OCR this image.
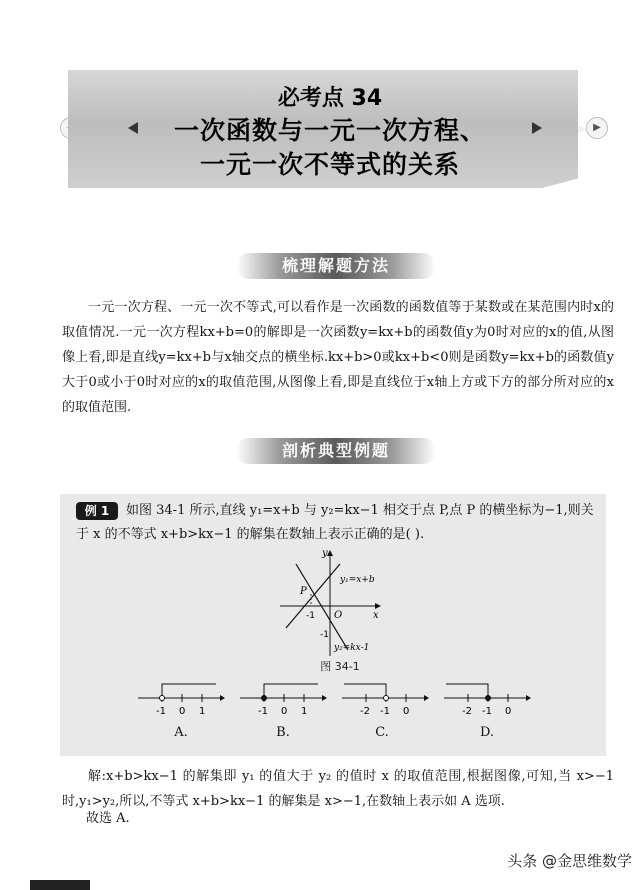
▶
必考点 34
一次函数与一元一次方程、
一元一次不等式的关系
梳理解题方法
一元一次方程、一元一次不等式,可以看作是一次函数的函数值等于某数或在某范围内时x的取值情况.一元一次方程kx+b=0的解即是一次函数y=kx+b的函数值y为0时对应的x的值,从图像上看,即是直线y=kx+b与x轴交点的横坐标.kx+b>0或kx+b<0则是函数y=kx+b的函数值y大于0或小于0时对应的x的取值范围,从图像上看,即是直线位于x轴上方或下方的部分所对应的x的取值范围.
剖析典型例题
如图 34-1 所示,直线 y₁=x+b 与 y₂=kx−1 相交于点 P,点 P 的横坐标为−1,则关于 x 的不等式 x+b>kx−1 的解集在数轴上表示正确的是( ).
例 1
y
x
O
P
-1
-1
y₁=x+b
y₂=kx-1
图 34-1
-1 0 1
A.
-1 0 1
B.
-2 -1 0
C.
-2 -1 0
D.
解:x+b>kx−1 的解集即 y₁ 的值大于 y₂ 的值时 x 的取值范围,根据图像,可知,当 x>−1 时,y₁>y₂,所以,不等式 x+b>kx−1 的解集是 x>−1,在数轴上表示如 A 选项.
故选 A.
头条 @金思维数学
